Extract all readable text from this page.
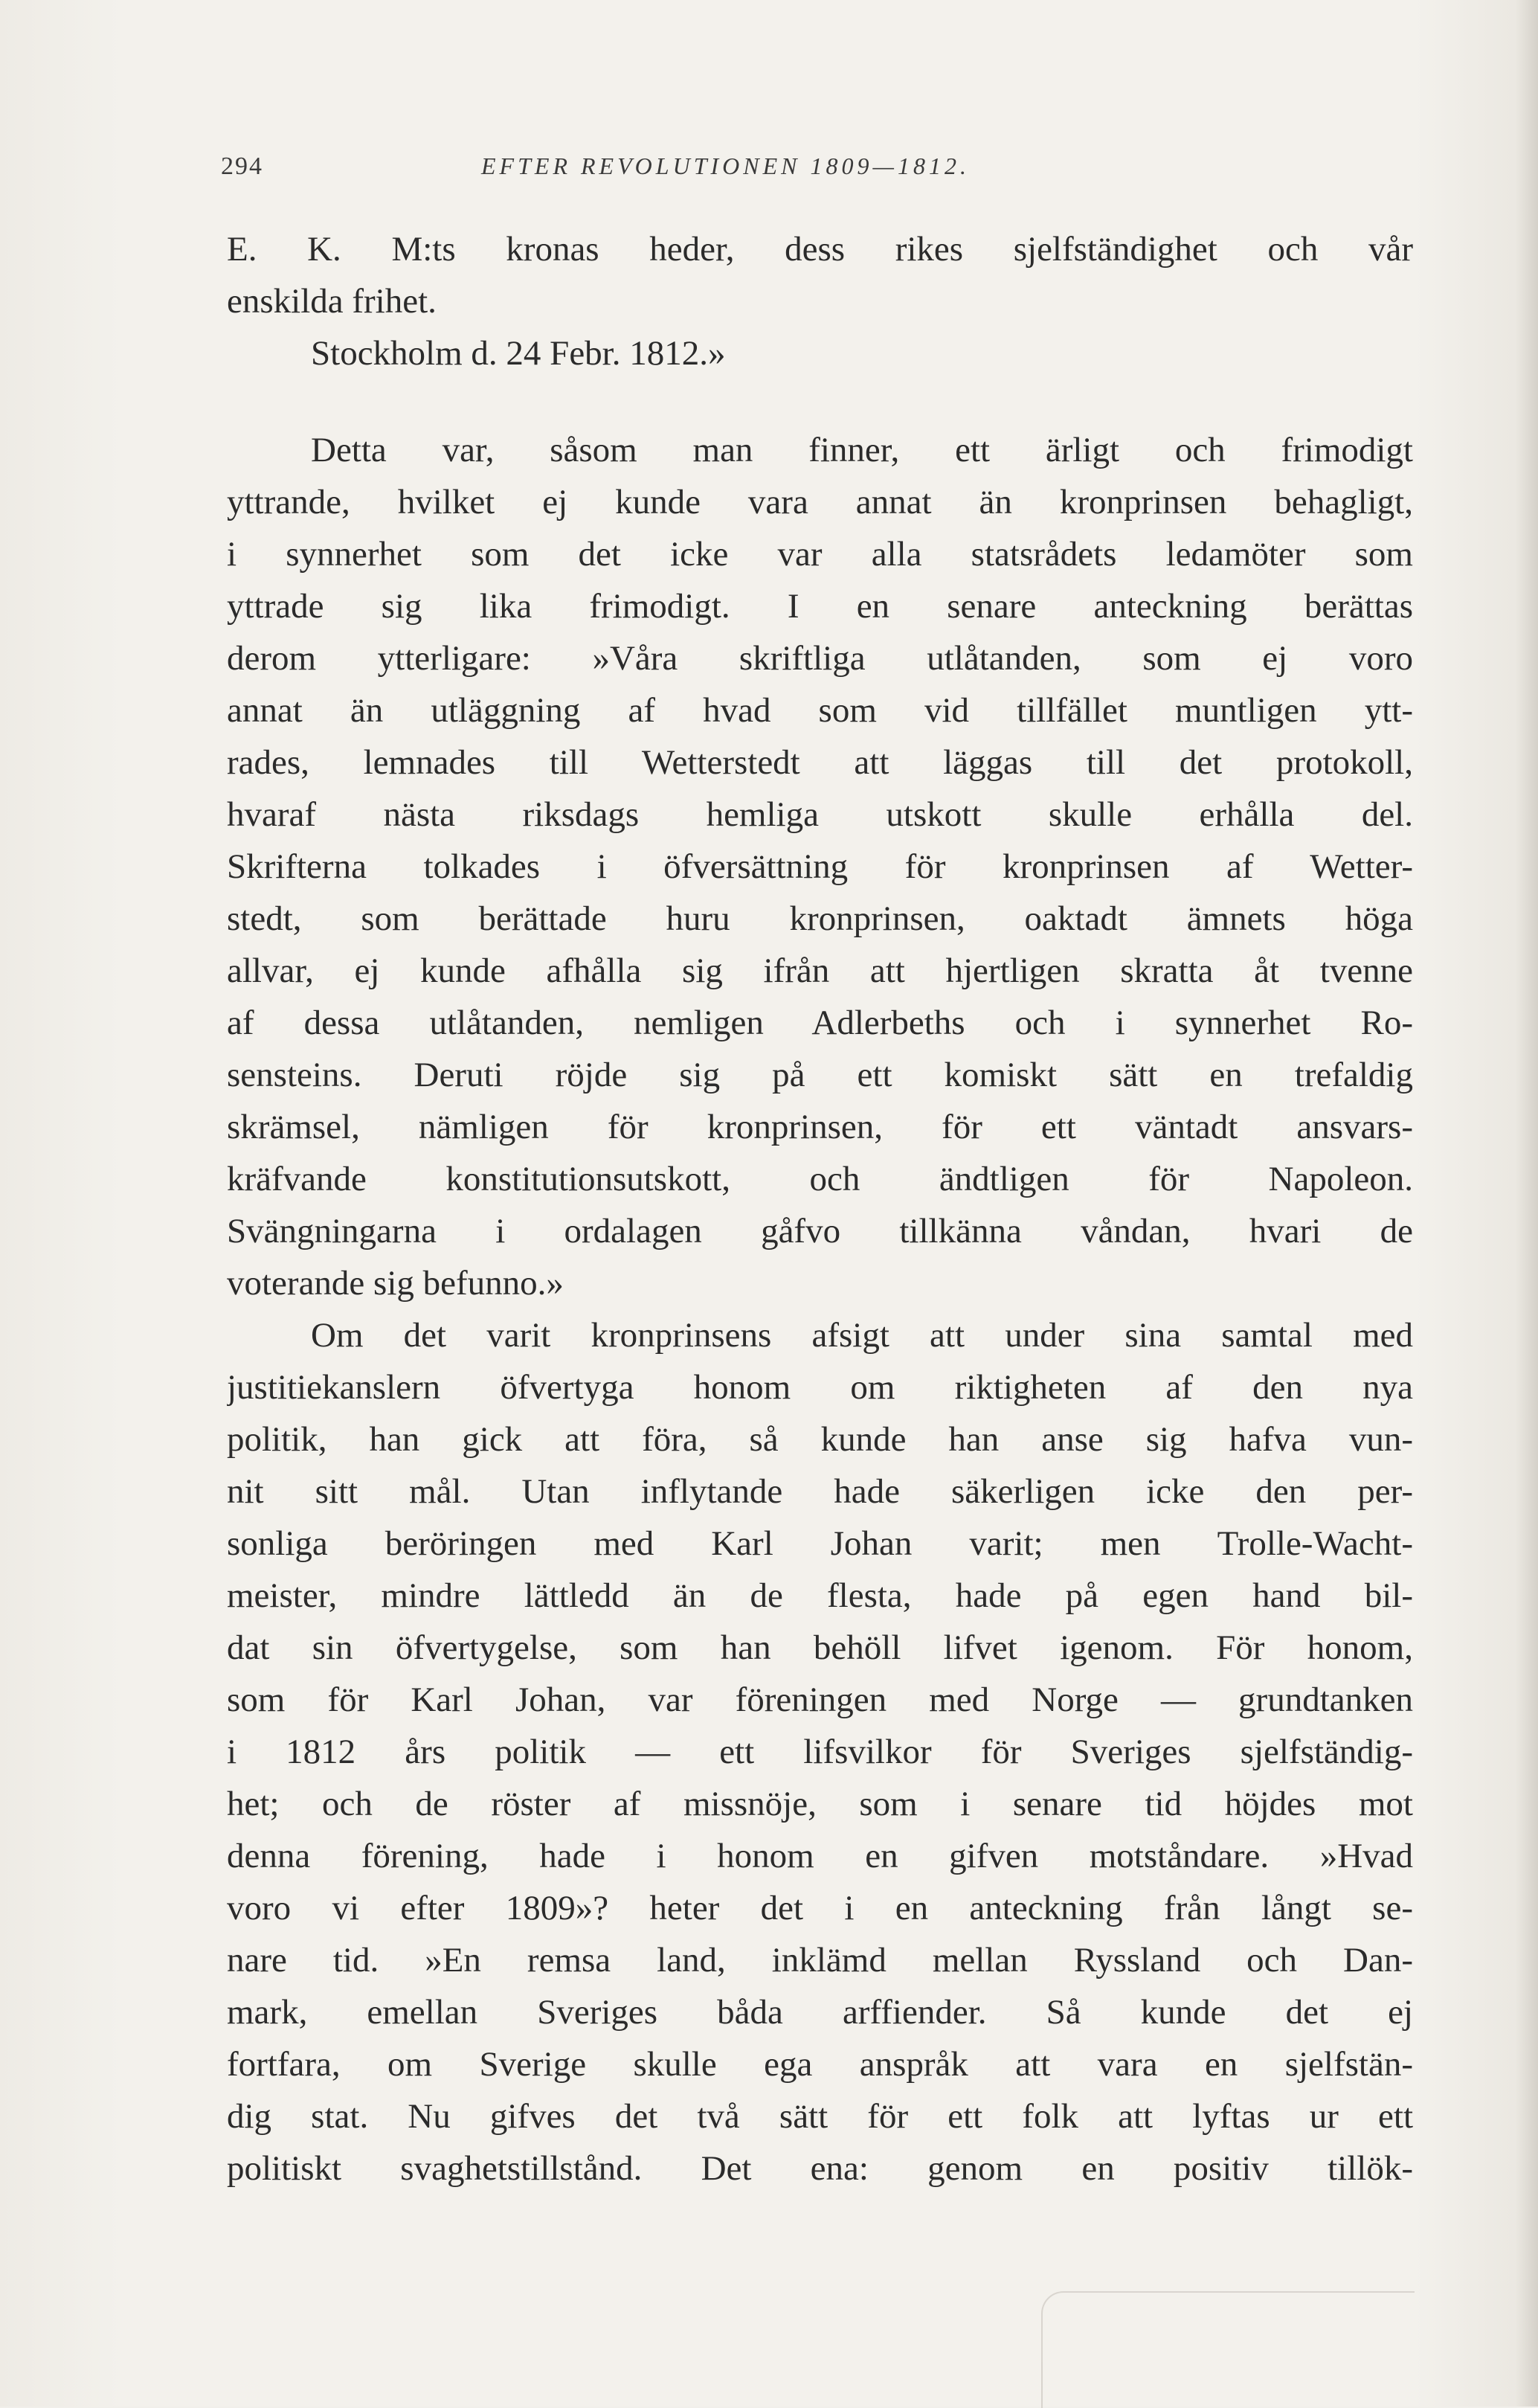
294	EFTER REVOLUTIONEN 1809—1812.
E. K. M:ts kronas heder, dess rikes sjelfständighet och vår
enskilda frihet.
Stockholm d. 24 Febr. 1812.»
Detta var, såsom man finner, ett ärligt och frimodigt
yttrande, hvilket ej kunde vara annat än kronprinsen behagligt,
i synnerhet som det icke var alla statsrådets ledamöter som
yttrade sig lika frimodigt. I en senare anteckning berättas
derom ytterligare: »Våra skriftliga utlåtanden, som ej voro
annat än utläggning af hvad som vid tillfället muntligen ytt-
rades, lemnades till Wetterstedt att läggas till det protokoll,
hvaraf nästa riksdags hemliga utskott skulle erhålla del.
Skrifterna tolkades i öfversättning för kronprinsen af Wetter-
stedt, som berättade huru kronprinsen, oaktadt ämnets höga
allvar, ej kunde afhålla sig ifrån att hjertligen skratta åt tvenne
af dessa utlåtanden, nemligen Adlerbeths och i synnerhet Ro-
sensteins. Deruti röjde sig på ett komiskt sätt en trefaldig
skrämsel, nämligen för kronprinsen, för ett väntadt ansvars-
kräfvande konstitutionsutskott, och ändtligen för Napoleon.
Svängningarna i ordalagen gåfvo tillkänna våndan, hvari de
voterande sig befunno.»
Om det varit kronprinsens afsigt att under sina samtal med
justitiekanslern öfvertyga honom om riktigheten af den nya
politik, han gick att föra, så kunde han anse sig hafva vun-
nit sitt mål. Utan inflytande hade säkerligen icke den per-
sonliga beröringen med Karl Johan varit; men Trolle-Wacht-
meister, mindre lättledd än de flesta, hade på egen hand bil-
dat sin öfvertygelse, som han behöll lifvet igenom. För honom,
som för Karl Johan, var föreningen med Norge — grundtanken
i 1812 års politik — ett lifsvilkor för Sveriges sjelfständig-
het; och de röster af missnöje, som i senare tid höjdes mot
denna förening, hade i honom en gifven motståndare. »Hvad
voro vi efter 1809»? heter det i en anteckning från långt se-
nare tid. »En remsa land, inklämd mellan Ryssland och Dan-
mark, emellan Sveriges båda arffiender. Så kunde det ej
fortfara, om Sverige skulle ega anspråk att vara en sjelfstän-
dig stat. Nu gifves det två sätt för ett folk att lyftas ur ett
politiskt svaghetstillstånd. Det ena: genom en positiv tillök-
